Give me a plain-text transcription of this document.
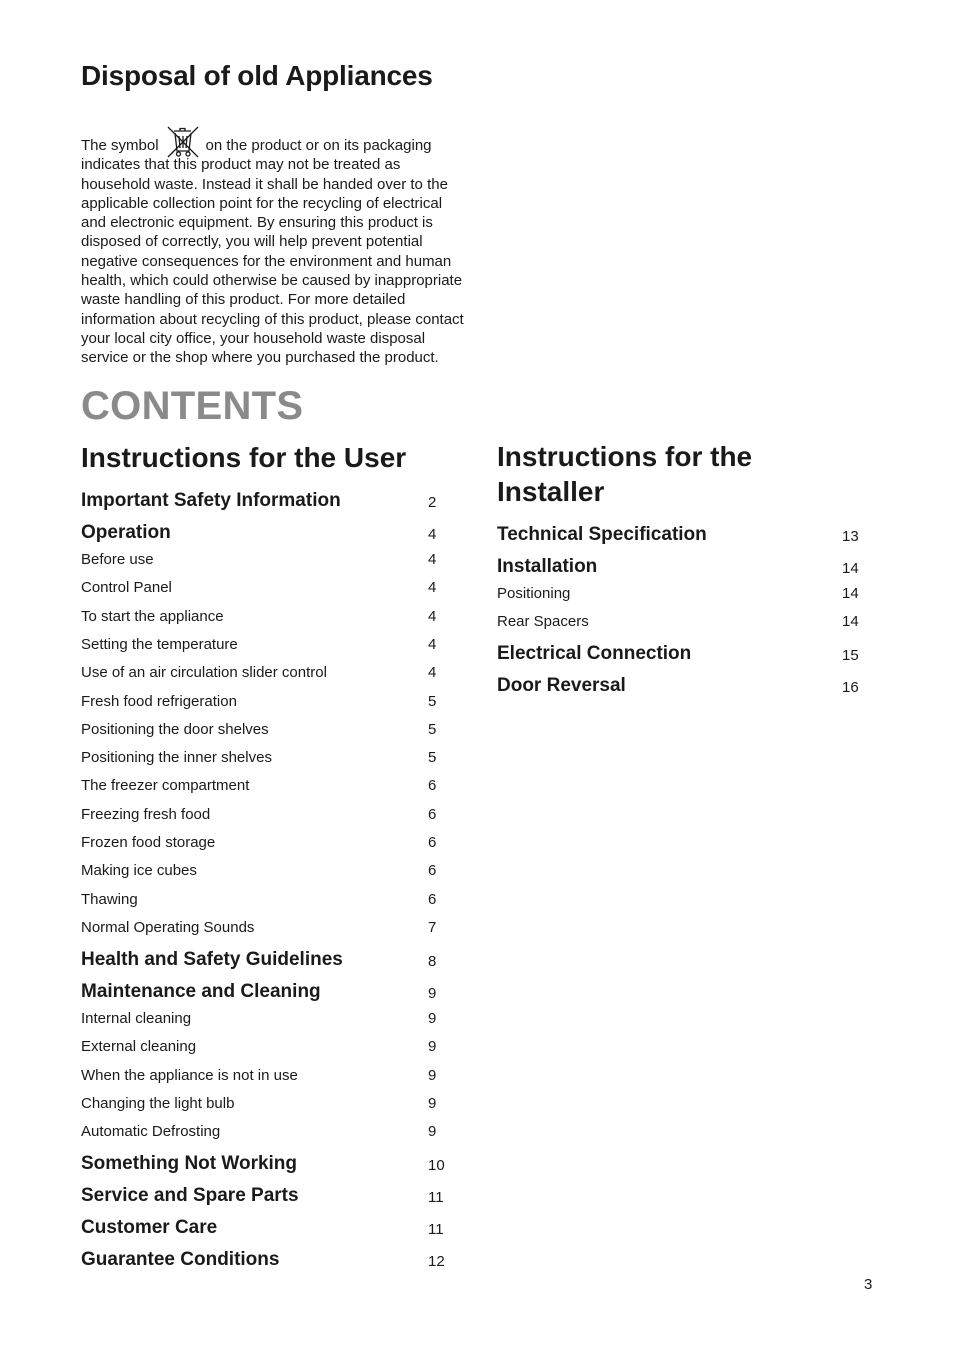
Disposal of old Appliances

The symbol	on the product or on its packaging indicates that this product may not be treated as household waste. Instead it shall be handed over to the applicable collection point for the recycling of electrical and electronic equipment. By ensuring this product is disposed of correctly, you will help prevent potential negative consequences for the environment and human health, which could otherwise be caused by inappropriate waste handling of this product. For more detailed information about recycling of this product, please contact your local city office, your household waste disposal service or the shop where you purchased the product.

CONTENTS
Instructions for the User
Important Safety Information	2
Operation	4
Before use	4
Control Panel	4
To start the appliance	4
Setting the temperature	4
Use of an air circulation slider control	4
Fresh food refrigeration	5
Positioning the door shelves	5
Positioning the inner shelves	5
The freezer compartment	6
Freezing fresh food	6
Frozen food storage	6
Making ice cubes	6
Thawing	6
Normal Operating Sounds	7
Health and Safety Guidelines	8
Maintenance and Cleaning	9
Internal cleaning	9
External cleaning	9
When the appliance is not in use	9
Changing the light bulb	9
Automatic Defrosting	9
Something Not Working	10
Service and Spare Parts	11
Customer Care	11
Guarantee Conditions	12
Instructions for the Installer
Technical Specification	13
Installation	14
Positioning	14
Rear Spacers	14
Electrical Connection	15
Door Reversal	16
3
